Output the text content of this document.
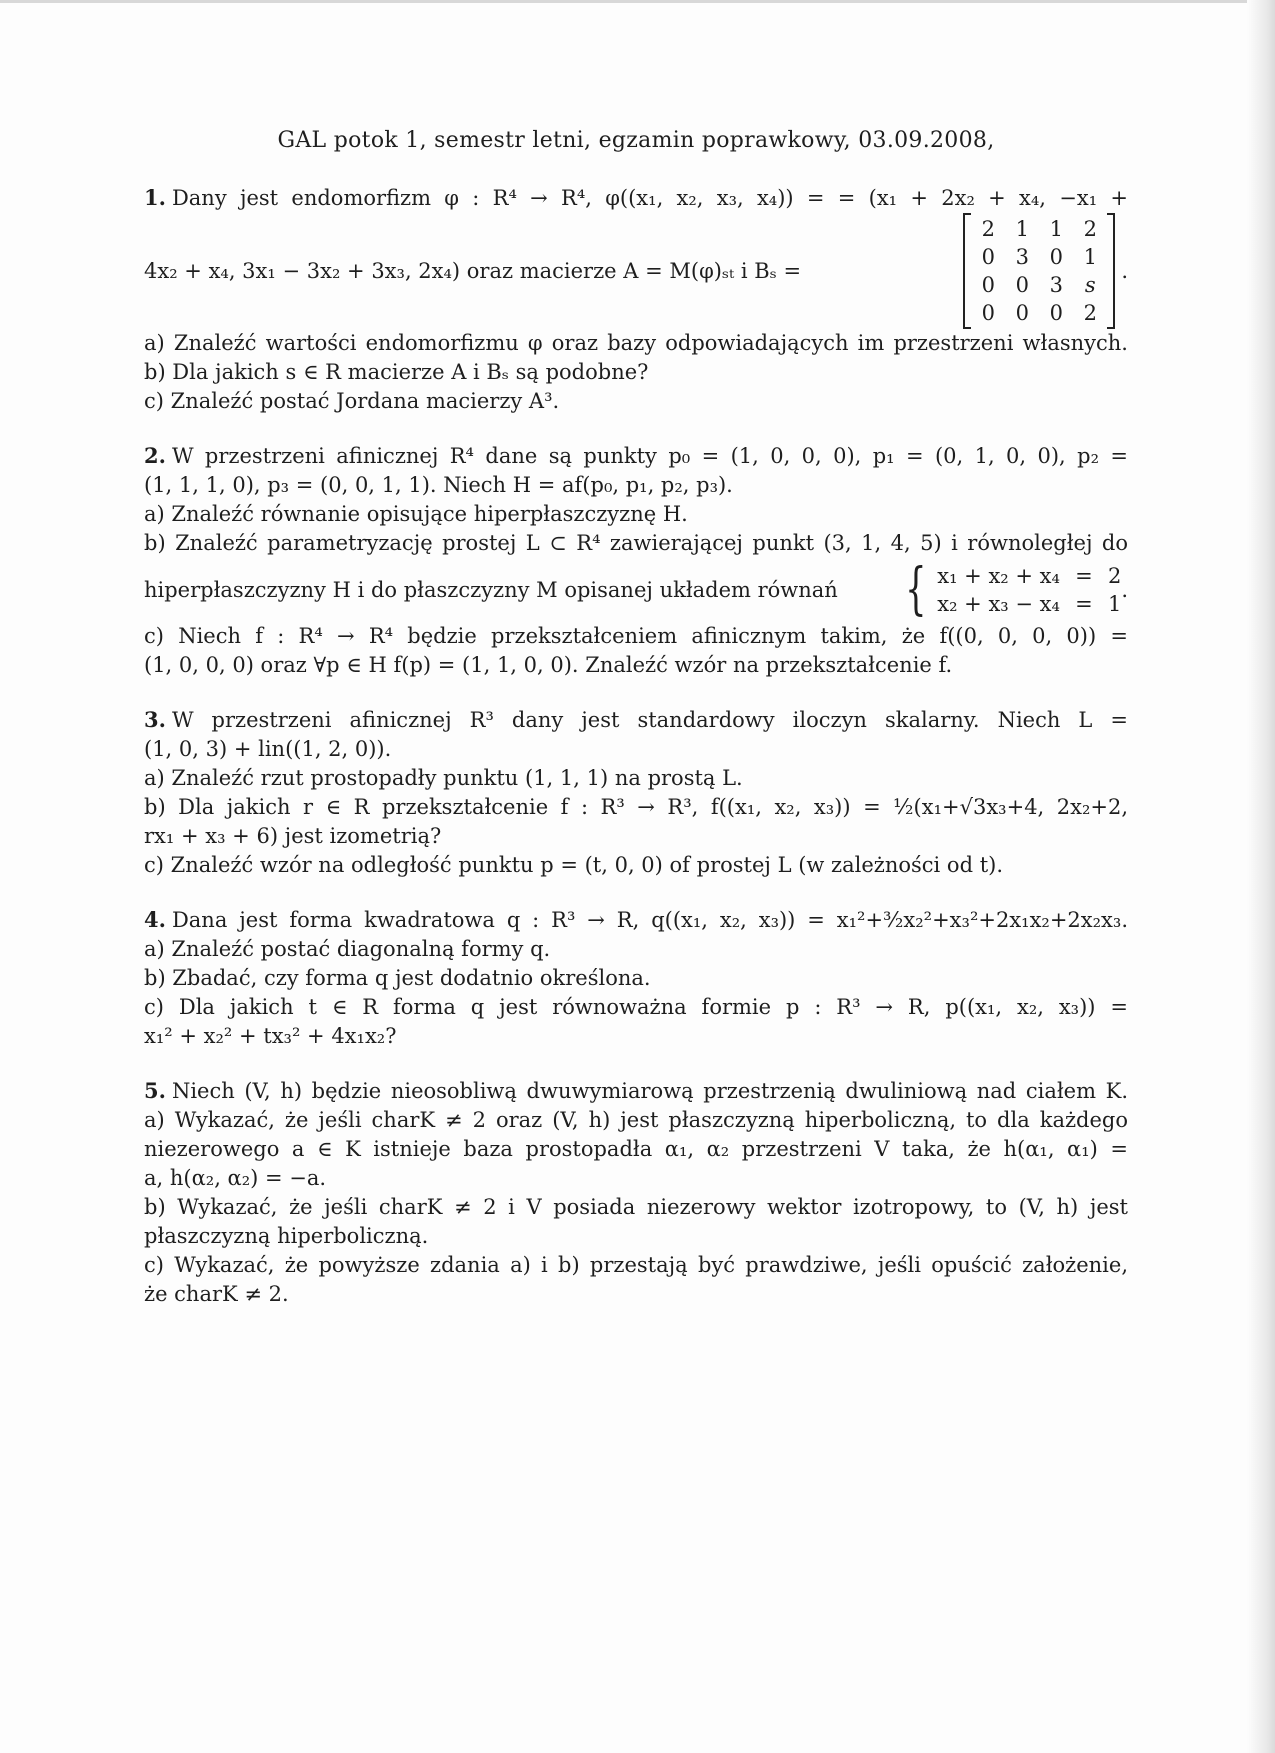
GAL potok 1, semestr letni, egzamin poprawkowy, 03.09.2008,
1. Dany jest endomorfizm φ : R⁴ → R⁴, φ((x₁, x₂, x₃, x₄)) = = (x₁ + 2x₂ + x₄, −x₁ +
4x₂ + x₄, 3x₁ − 3x₂ + 3x₃, 2x₄) oraz macierze A = M(φ)ₛₜ i Bₛ =
2 1 1 2
0 3 0 1
0 0 3	s
0 0 0 2
.
a) Znaleźć wartości endomorfizmu φ oraz bazy odpowiadających im przestrzeni własnych.
b) Dla jakich s ∈ R macierze A i Bₛ są podobne?
c) Znaleźć postać Jordana macierzy A³.
2. W przestrzeni afinicznej R⁴ dane są punkty p₀ = (1, 0, 0, 0), p₁ = (0, 1, 0, 0), p₂ =
(1, 1, 1, 0), p₃ = (0, 0, 1, 1). Niech H = af(p₀, p₁, p₂, p₃).
a) Znaleźć równanie opisujące hiperpłaszczyznę H.
b) Znaleźć parametryzację prostej L ⊂ R⁴ zawierającej punkt (3, 1, 4, 5) i równoległej do
hiperpłaszczyzny H i do płaszczyzny M opisanej układem równań { x₁ + x₂ + x₄ = 2
x₂ + x₃ − x₄ = 1
.
c) Niech f : R⁴ → R⁴ będzie przekształceniem afinicznym takim, że f((0, 0, 0, 0)) =
(1, 0, 0, 0) oraz ∀p ∈ H f(p) = (1, 1, 0, 0). Znaleźć wzór na przekształcenie f.
3. W przestrzeni afinicznej R³ dany jest standardowy iloczyn skalarny. Niech L =
(1, 0, 3) + lin((1, 2, 0)).
a) Znaleźć rzut prostopadły punktu (1, 1, 1) na prostą L.
b) Dla jakich r ∈ R przekształcenie f : R³ → R³, f((x₁, x₂, x₃)) = ½(x₁+√3x₃+4, 2x₂+2,
rx₁ + x₃ + 6) jest izometrią?
c) Znaleźć wzór na odległość punktu p = (t, 0, 0) of prostej L (w zależności od t).
4. Dana jest forma kwadratowa q : R³ → R, q((x₁, x₂, x₃)) = x₁²+³⁄₂x₂²+x₃²+2x₁x₂+2x₂x₃.
a) Znaleźć postać diagonalną formy q.
b) Zbadać, czy forma q jest dodatnio określona.
c) Dla jakich t ∈ R forma q jest równoważna formie p : R³ → R, p((x₁, x₂, x₃)) =
x₁² + x₂² + tx₃² + 4x₁x₂?
5. Niech (V, h) będzie nieosobliwą dwuwymiarową przestrzenią dwuliniową nad ciałem K.
a) Wykazać, że jeśli charK ≠ 2 oraz (V, h) jest płaszczyzną hiperboliczną, to dla każdego
niezerowego a ∈ K istnieje baza prostopadła α₁, α₂ przestrzeni V taka, że h(α₁, α₁) =
a, h(α₂, α₂) = −a.
b) Wykazać, że jeśli charK ≠ 2 i V posiada niezerowy wektor izotropowy, to (V, h) jest
płaszczyzną hiperboliczną.
c) Wykazać, że powyższe zdania a) i b) przestają być prawdziwe, jeśli opuścić założenie,
że charK ≠ 2.
